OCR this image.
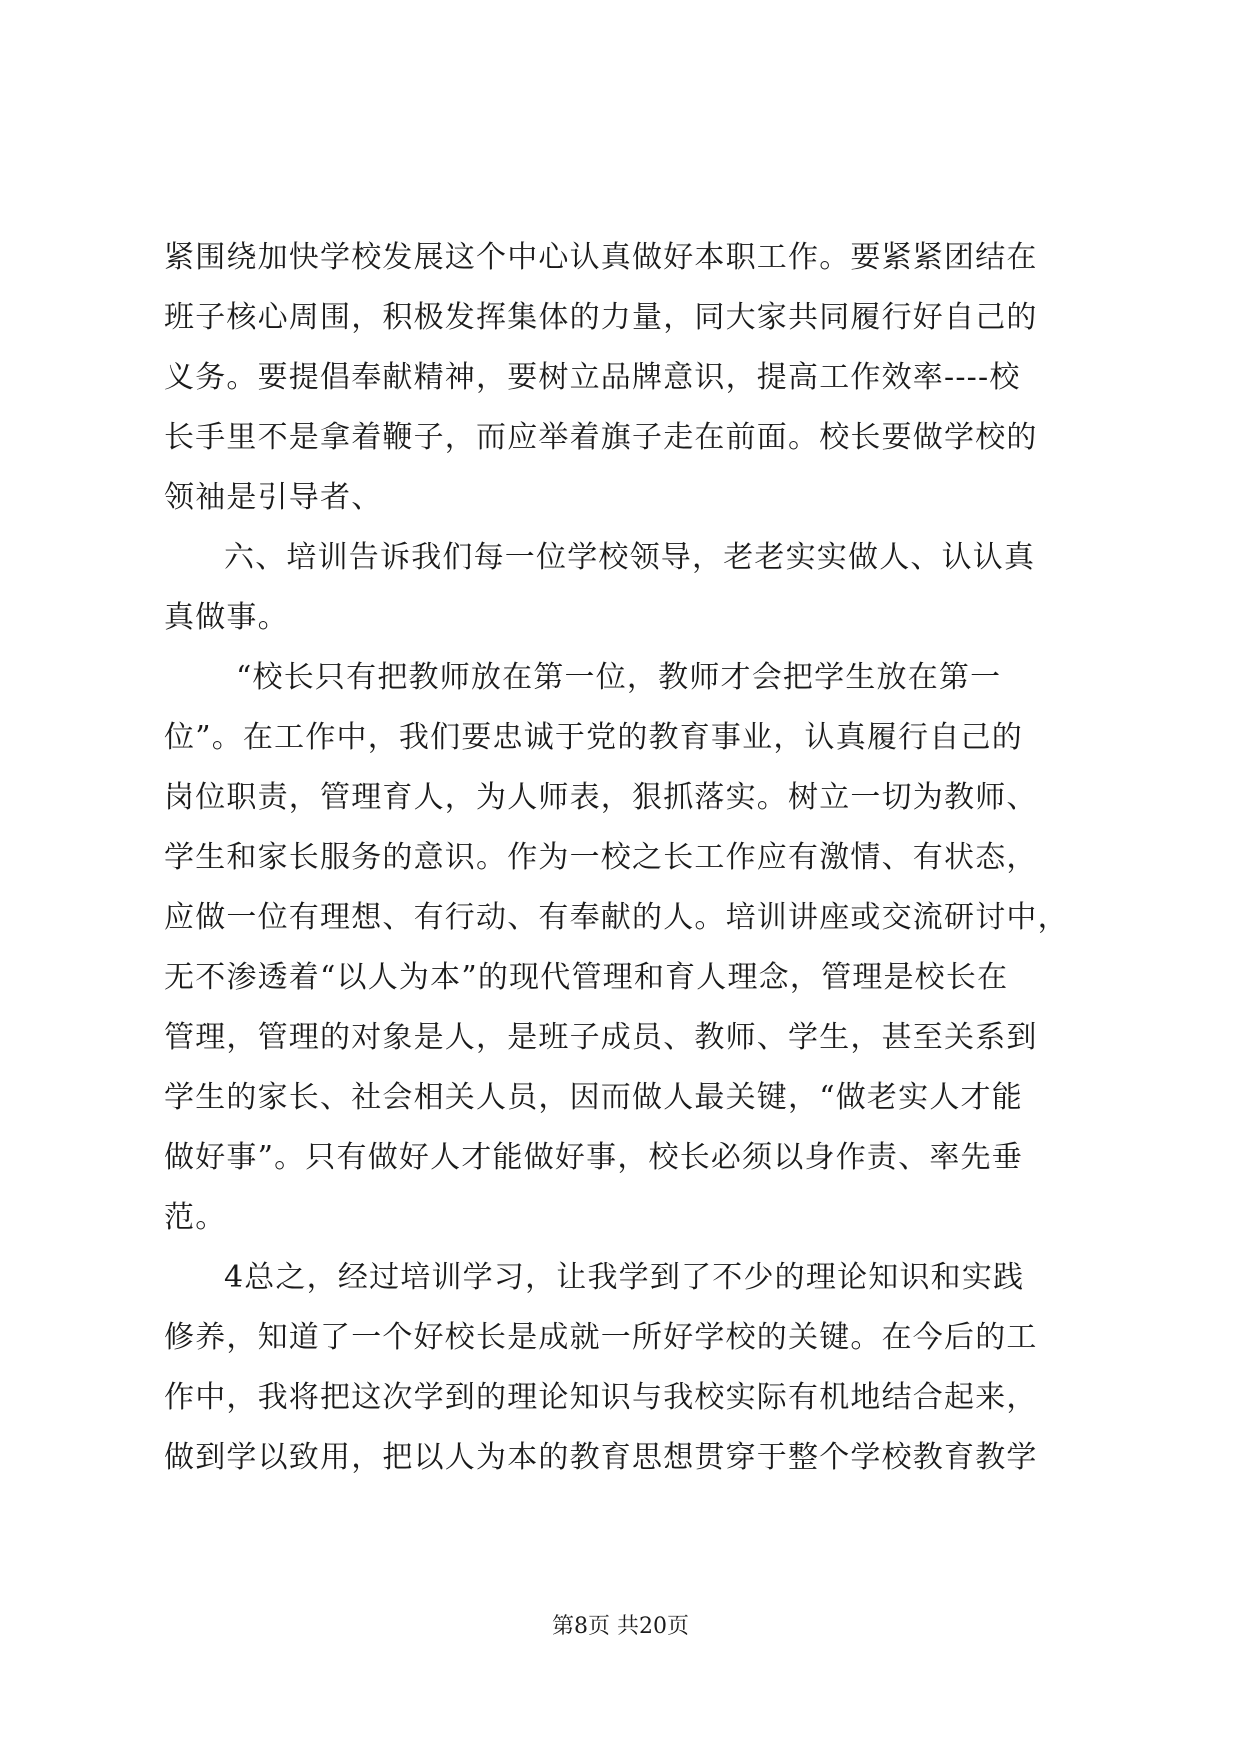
紧围绕加快学校发展这个中心认真做好本职工作。要紧紧团结在
班子核心周围，积极发挥集体的力量，同大家共同履行好自己的
义务。要提倡奉献精神，要树立品牌意识，提高工作效率----校
长手里不是拿着鞭子，而应举着旗子走在前面。校长要做学校的
领袖是引导者、
六、培训告诉我们每一位学校领导，老老实实做人、认认真
真做事。
“校长只有把教师放在第一位，教师才会把学生放在第一
位”。在工作中，我们要忠诚于党的教育事业，认真履行自己的
岗位职责，管理育人，为人师表，狠抓落实。树立一切为教师、
学生和家长服务的意识。作为一校之长工作应有激情、有状态，
应做一位有理想、有行动、有奉献的人。培训讲座或交流研讨中，
无不渗透着“以人为本”的现代管理和育人理念，管理是校长在
管理，管理的对象是人，是班子成员、教师、学生，甚至关系到
学生的家长、社会相关人员，因而做人最关键，“做老实人才能
做好事”。只有做好人才能做好事，校长必须以身作责、率先垂
范。
4总之，经过培训学习，让我学到了不少的理论知识和实践
修养，知道了一个好校长是成就一所好学校的关键。在今后的工
作中，我将把这次学到的理论知识与我校实际有机地结合起来，
做到学以致用，把以人为本的教育思想贯穿于整个学校教育教学
第8页 共20页
